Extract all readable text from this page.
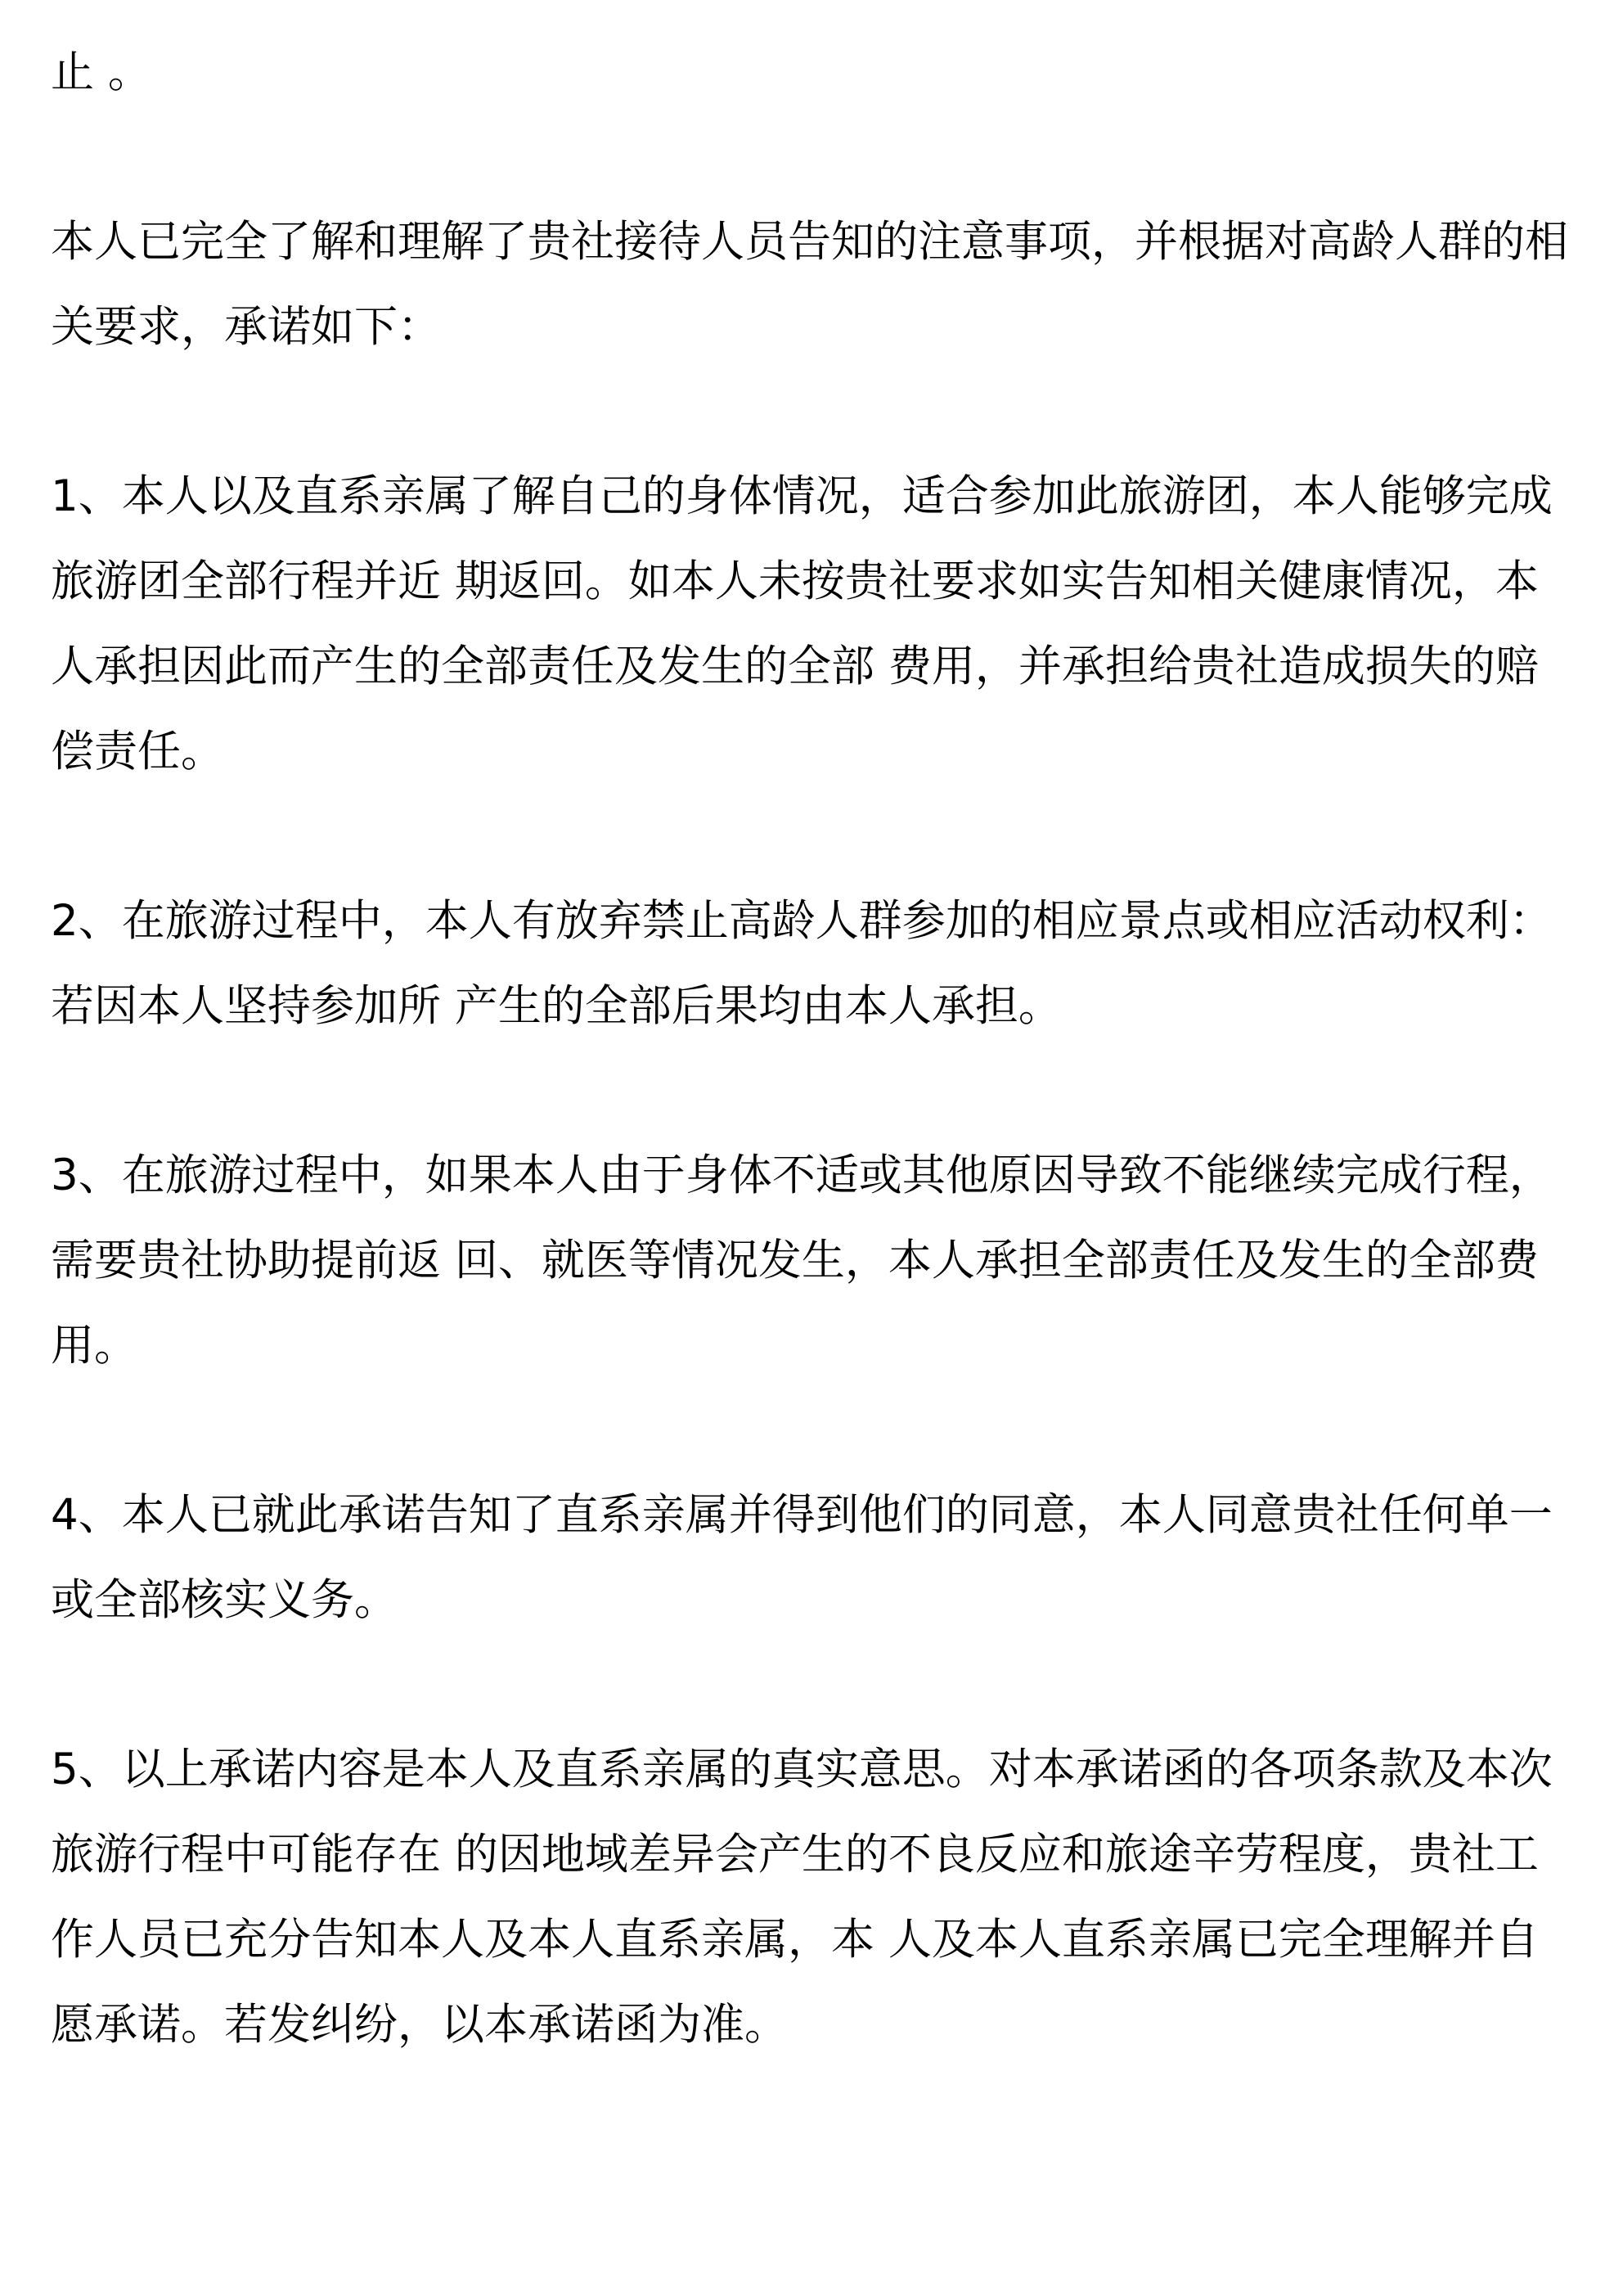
止 。
本人已完全了解和理解了贵社接待人员告知的注意事项，并根据对高龄人群的相
关要求，承诺如下：
1、本人以及直系亲属了解自己的身体情况，适合参加此旅游团，本人能够完成
旅游团全部行程并近 期返回。如本人未按贵社要求如实告知相关健康情况，本
人承担因此而产生的全部责任及发生的全部 费用，并承担给贵社造成损失的赔
偿责任。
2、在旅游过程中，本人有放弃禁止高龄人群参加的相应景点或相应活动权利：
若因本人坚持参加所 产生的全部后果均由本人承担。
3、在旅游过程中，如果本人由于身体不适或其他原因导致不能继续完成行程，
需要贵社协助提前返 回、就医等情况发生，本人承担全部责任及发生的全部费
用。
4、本人已就此承诺告知了直系亲属并得到他们的同意，本人同意贵社任何单一
或全部核实义务。
5、以上承诺内容是本人及直系亲属的真实意思。对本承诺函的各项条款及本次
旅游行程中可能存在 的因地域差异会产生的不良反应和旅途辛劳程度，贵社工
作人员已充分告知本人及本人直系亲属，本 人及本人直系亲属已完全理解并自
愿承诺。若发纠纷，以本承诺函为准。
